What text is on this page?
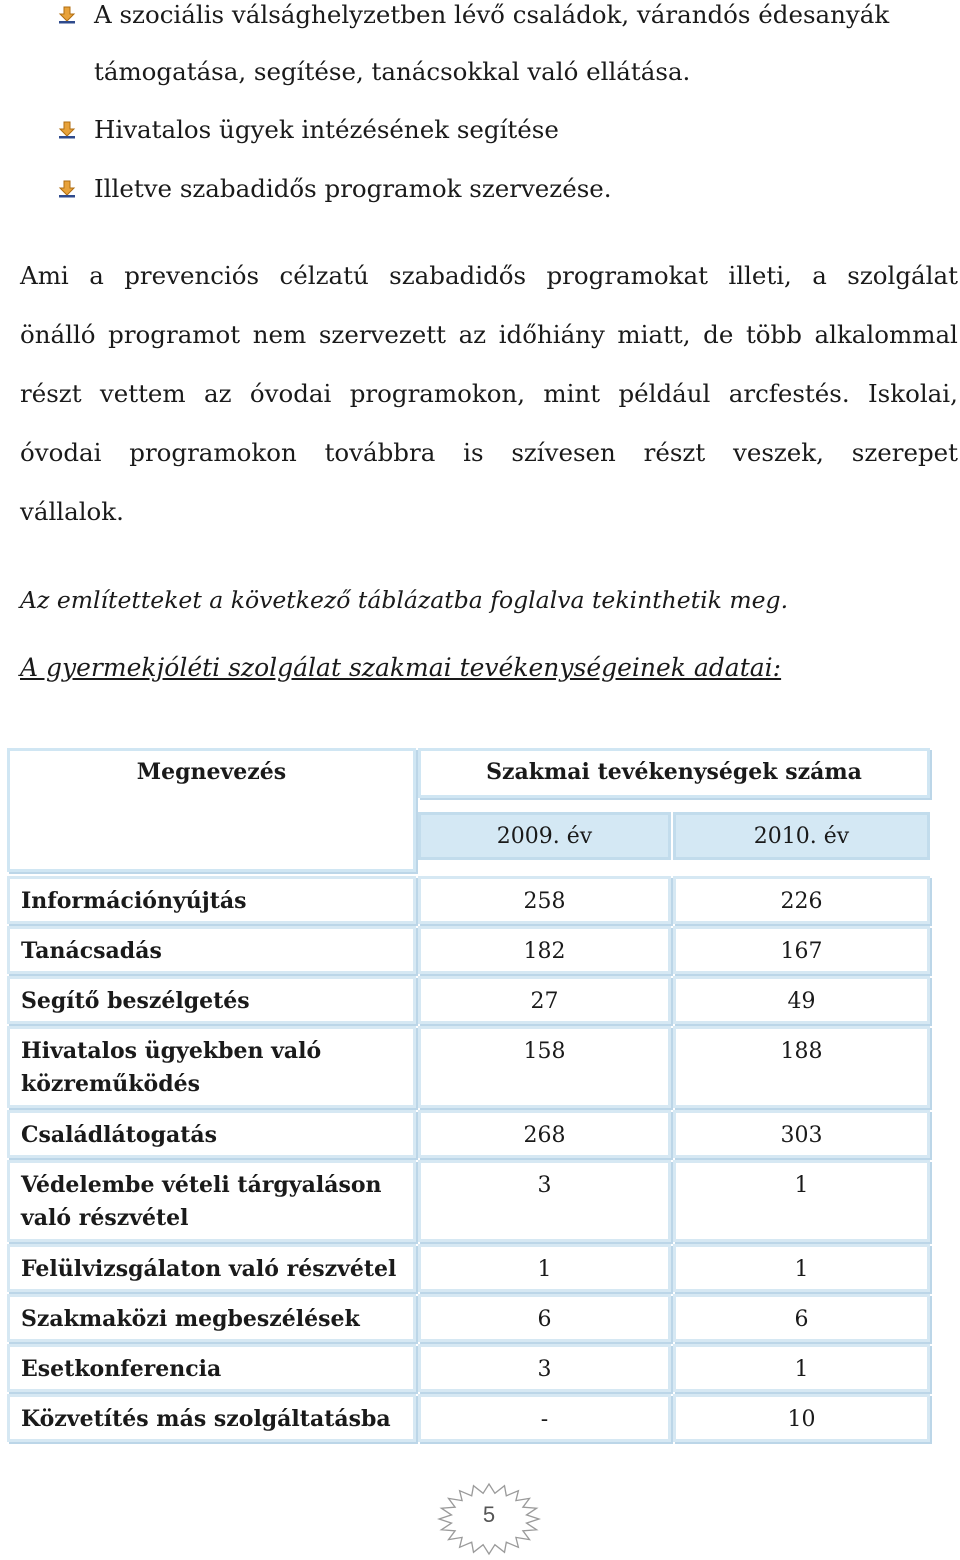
A szociális válsághelyzetben lévő családok, várandós édesanyák
támogatása, segítése, tanácsokkal való ellátása.
Hivatalos ügyek intézésének segítése
Illetve szabadidős programok szervezése.
Ami a prevenciós célzatú szabadidős programokat illeti, a szolgálat
önálló programot nem szervezett az időhiány miatt, de több alkalommal
részt vettem az óvodai programokon, mint például arcfestés. Iskolai,
óvodai programokon továbbra is szívesen részt veszek, szerepet
vállalok.
Az említetteket a következő táblázatba foglalva tekinthetik meg.
A gyermekjóléti szolgálat szakmai tevékenységeinek adatai:
Megnevezés	Szakmai tevékenységek száma
2009. év	2010. év
Információnyújtás	258	226
Tanácsadás	182	167
Segítő beszélgetés	27	49
Hivatalos ügyekben való
közreműködés
158	188
Családlátogatás	268	303
Védelembe vételi tárgyaláson
való részvétel
3	1
Felülvizsgálaton való részvétel	1	1
Szakmaközi megbeszélések	6	6
Esetkonferencia	3	1
Közvetítés más szolgáltatásba	-	10
5
